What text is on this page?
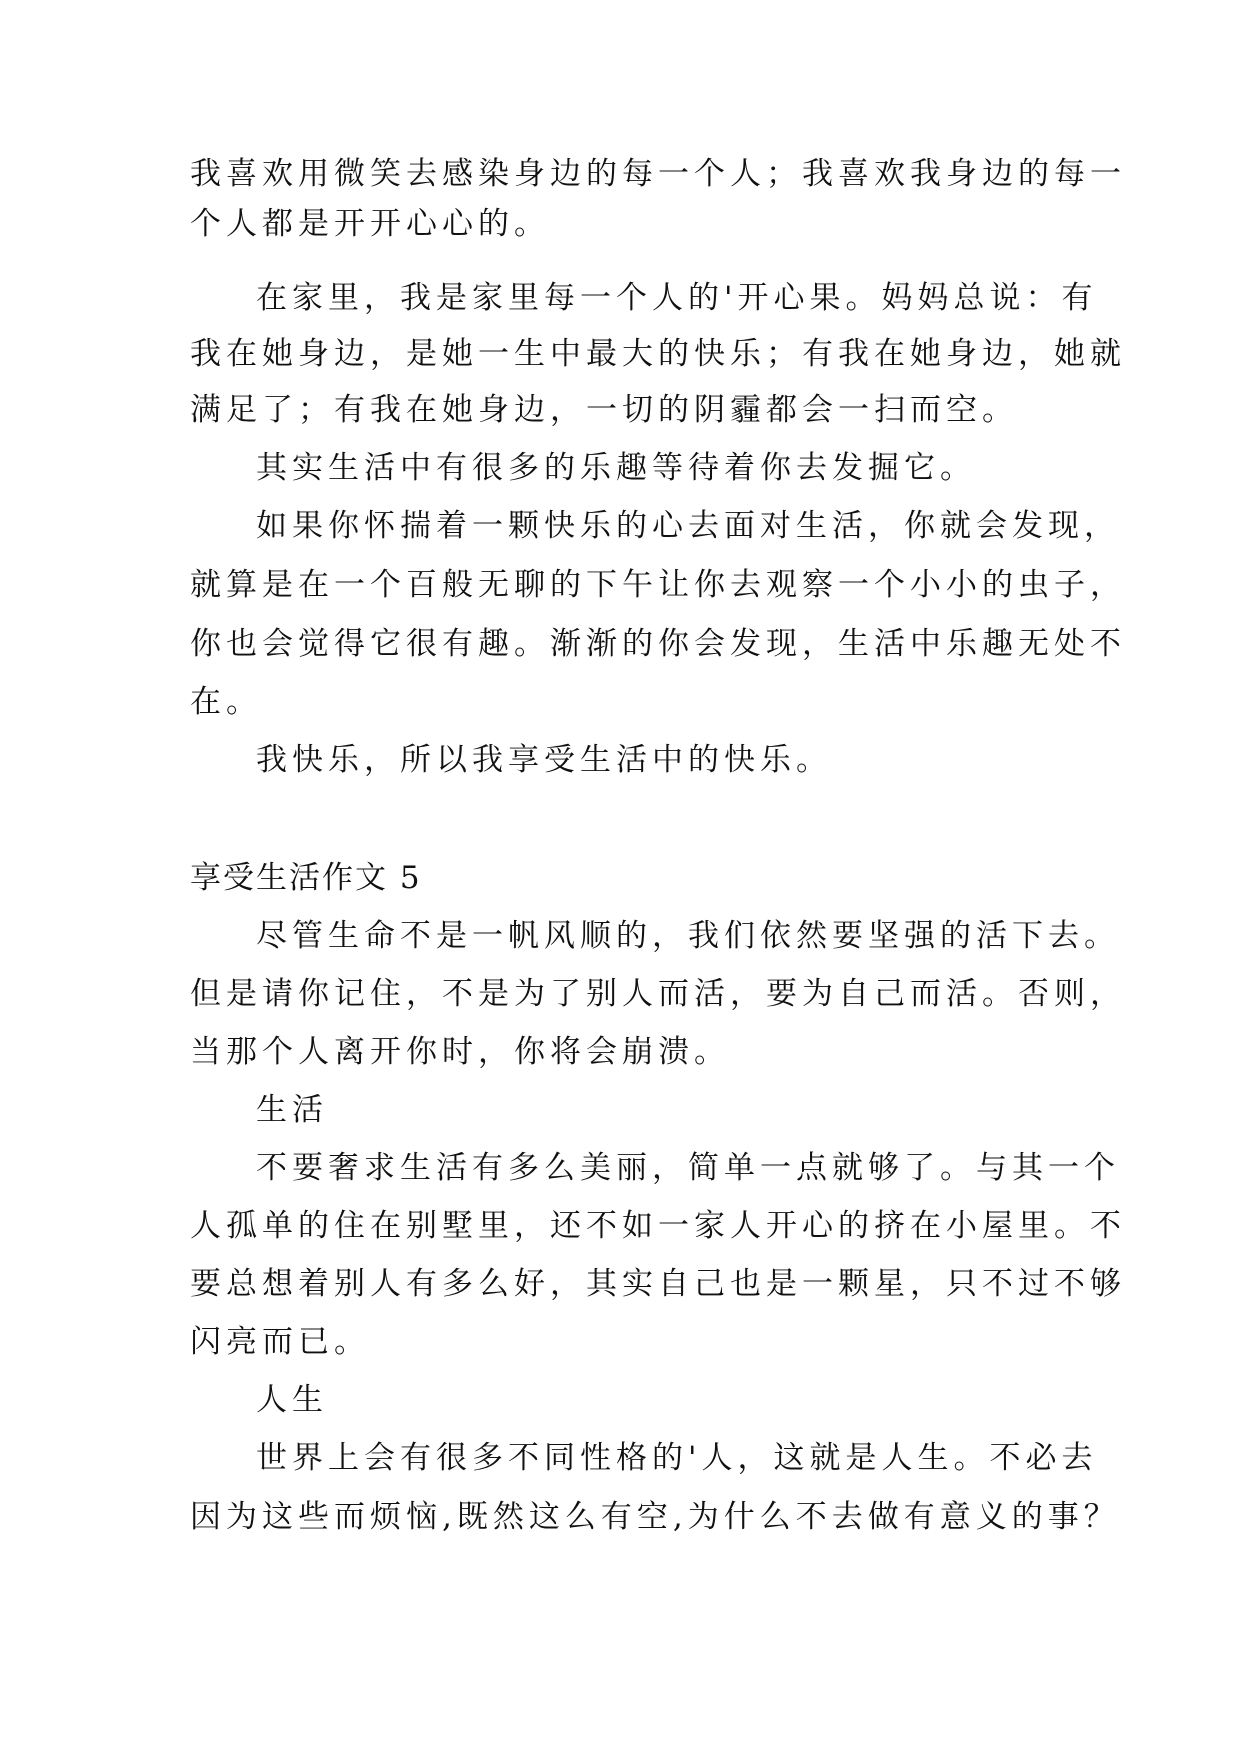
我喜欢用微笑去感染身边的每一个人；我喜欢我身边的每一
个人都是开开心心的。
在家里，我是家里每一个人的'开心果。妈妈总说：有
我在她身边，是她一生中最大的快乐；有我在她身边，她就
满足了；有我在她身边，一切的阴霾都会一扫而空。
其实生活中有很多的乐趣等待着你去发掘它。
如果你怀揣着一颗快乐的心去面对生活，你就会发现，
就算是在一个百般无聊的下午让你去观察一个小小的虫子，
你也会觉得它很有趣。渐渐的你会发现，生活中乐趣无处不
在。
我快乐，所以我享受生活中的快乐。
享受生活作文 5
尽管生命不是一帆风顺的，我们依然要坚强的活下去。
但是请你记住，不是为了别人而活，要为自己而活。否则，
当那个人离开你时，你将会崩溃。
生活
不要奢求生活有多么美丽，简单一点就够了。与其一个
人孤单的住在别墅里，还不如一家人开心的挤在小屋里。不
要总想着别人有多么好，其实自己也是一颗星，只不过不够
闪亮而已。
人生
世界上会有很多不同性格的'人，这就是人生。不必去
因为这些而烦恼,既然这么有空,为什么不去做有意义的事？
